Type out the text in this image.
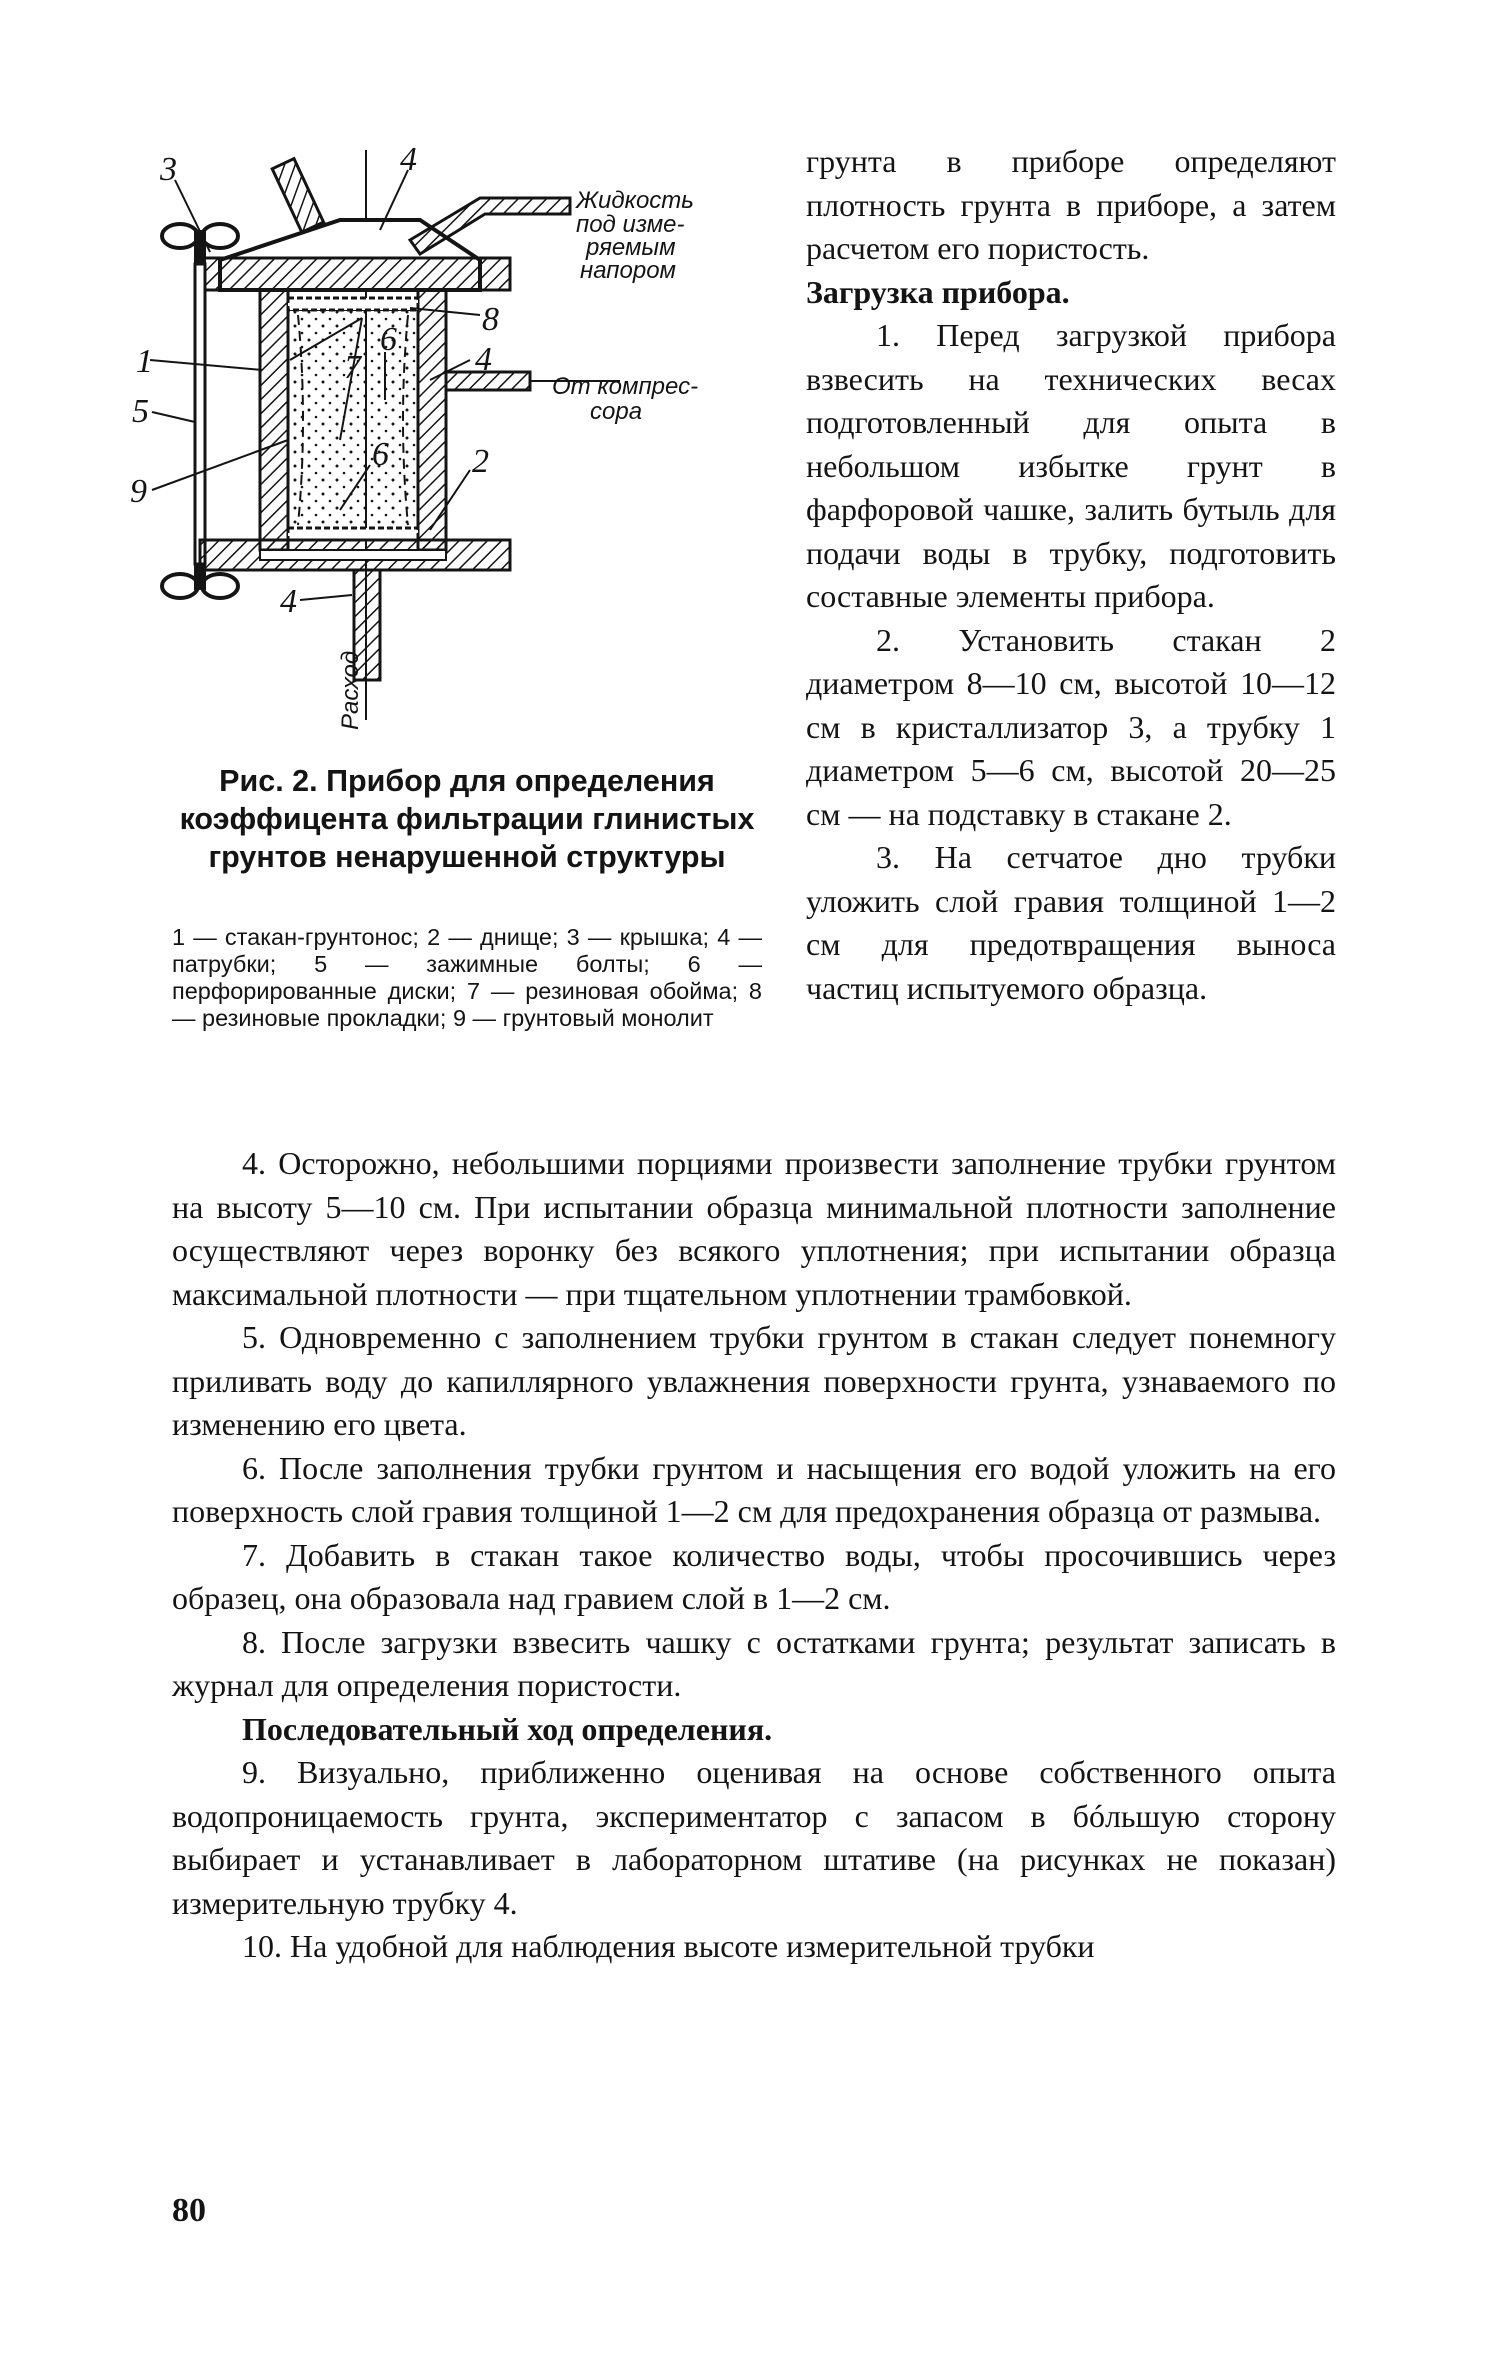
3	4
8
1
5
9
4
2
4
6
6
7
Жидкость
под изме-
ряемым
напором
От компрес-
сора
Расход

Рис. 2. Прибор для определения коэффицента фильтрации глинистых грунтов ненарушенной структуры

1 — стакан-грунтонос; 2 — днище; 3 — крышка; 4 — патрубки; 5 — зажимные болты; 6 — перфорированные диски; 7 — резиновая обойма; 8 — резиновые прокладки; 9 — грунтовый монолит

грунта в приборе определяют плотность грунта в приборе, а затем расчетом его пористость.

Загрузка прибора.

1. Перед загрузкой прибора взвесить на технических весах подготовленный для опыта в небольшом избытке грунт в фарфоровой чашке, залить бутыль для подачи воды в трубку, подготовить составные элементы прибора.

2. Установить стакан 2 диаметром 8—10 см, высотой 10—12 см в кристаллизатор 3, а трубку 1 диаметром 5—6 см, высотой 20—25 см — на подставку в стакане 2.

3. На сетчатое дно трубки уложить слой гравия толщиной 1—2 см для предотвращения выноса частиц испытуемого образца.

4. Осторожно, небольшими порциями произвести заполнение трубки грунтом на высоту 5—10 см. При испытании образца минимальной плотности заполнение осуществляют через воронку без всякого уплотнения; при испытании образца максимальной плотности — при тщательном уплотнении трамбовкой.

5. Одновременно с заполнением трубки грунтом в стакан следует понемногу приливать воду до капиллярного увлажнения поверхности грунта, узнаваемого по изменению его цвета.

6. После заполнения трубки грунтом и насыщения его водой уложить на его поверхность слой гравия толщиной 1—2 см для предохранения образца от размыва.

7. Добавить в стакан такое количество воды, чтобы просочившись через образец, она образовала над гравием слой в 1—2 см.

8. После загрузки взвесить чашку с остатками грунта; результат записать в журнал для определения пористости.

Последовательный ход определения.

9. Визуально, приближенно оценивая на основе собственного опыта водопроницаемость грунта, экспериментатор с запасом в бóльшую сторону выбирает и устанавливает в лабораторном штативе (на рисунках не показан) измерительную трубку 4.

10. На удобной для наблюдения высоте измерительной трубки

80
